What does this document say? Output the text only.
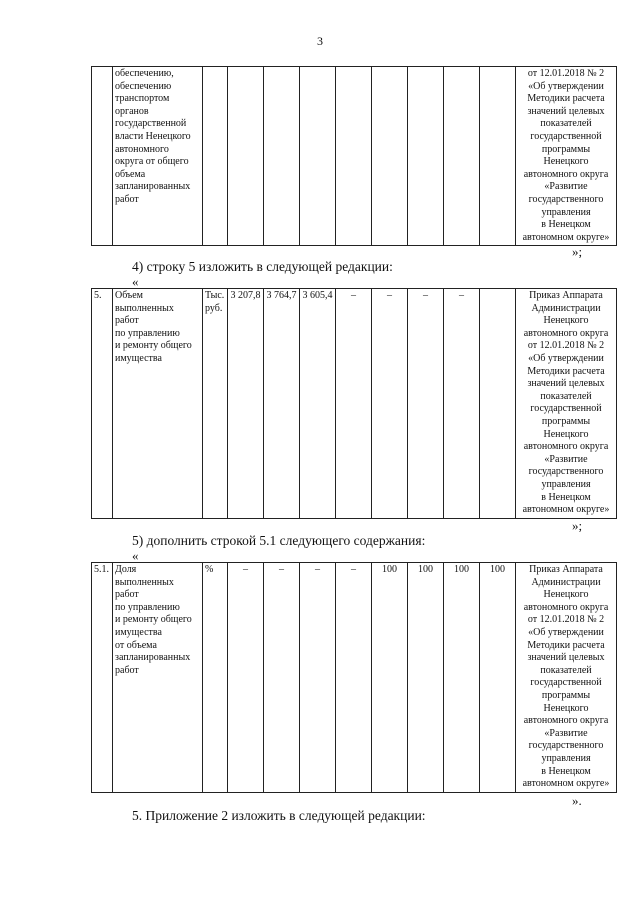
3
	обеспечению,
обеспечению
транспортом
органов
государственной
власти Ненецкого
автономного
округа от общего
объема
запланированных
работ										от 12.01.2018 № 2
«Об утверждении
Методики расчета
значений целевых
показателей
государственной
программы
Ненецкого
автономного округа
«Развитие
государственного
управления
в Ненецком
автономном округе»
»;
4) строку 5 изложить в следующей редакции:
«
5.	Объем
выполненных
работ
по управлению
и ремонту общего
имущества	Тыс.
руб.	3 207,8	3 764,7	3 605,4	–	–	–	–		Приказ Аппарата
Администрации
Ненецкого
автономного округа
от 12.01.2018 № 2
«Об утверждении
Методики расчета
значений целевых
показателей
государственной
программы
Ненецкого
автономного округа
«Развитие
государственного
управления
в Ненецком
автономном округе»
»;
5) дополнить строкой 5.1 следующего содержания:
«
5.1.	Доля
выполненных
работ
по управлению
и ремонту общего
имущества
от объема
запланированных
работ	%	–	–	–	–	100	100	100	100	Приказ Аппарата
Администрации
Ненецкого
автономного округа
от 12.01.2018 № 2
«Об утверждении
Методики расчета
значений целевых
показателей
государственной
программы
Ненецкого
автономного округа
«Развитие
государственного
управления
в Ненецком
автономном округе»
».
5. Приложение 2 изложить в следующей редакции:
